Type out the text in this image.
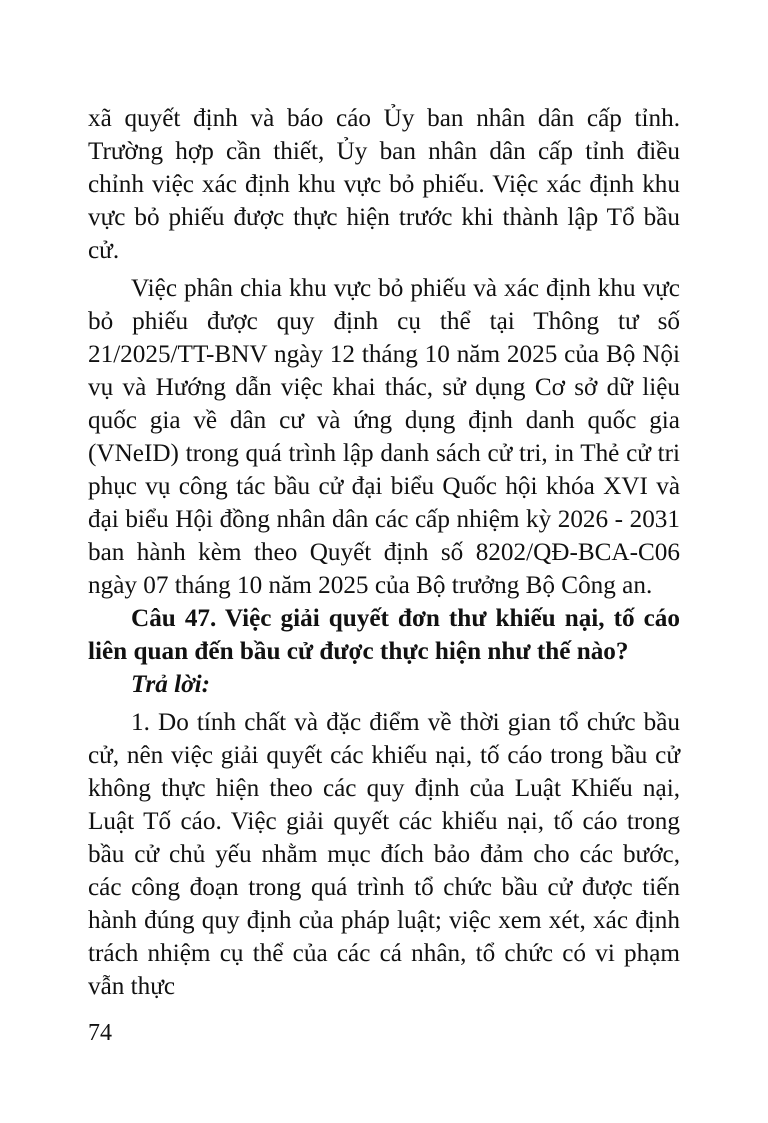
xã quyết định và báo cáo Ủy ban nhân dân cấp tỉnh. Trường hợp cần thiết, Ủy ban nhân dân cấp tỉnh điều chỉnh việc xác định khu vực bỏ phiếu. Việc xác định khu vực bỏ phiếu được thực hiện trước khi thành lập Tổ bầu cử.

Việc phân chia khu vực bỏ phiếu và xác định khu vực bỏ phiếu được quy định cụ thể tại Thông tư số 21/2025/TT-BNV ngày 12 tháng 10 năm 2025 của Bộ Nội vụ và Hướng dẫn việc khai thác, sử dụng Cơ sở dữ liệu quốc gia về dân cư và ứng dụng định danh quốc gia (VNeID) trong quá trình lập danh sách cử tri, in Thẻ cử tri phục vụ công tác bầu cử đại biểu Quốc hội khóa XVI và đại biểu Hội đồng nhân dân các cấp nhiệm kỳ 2026 - 2031 ban hành kèm theo Quyết định số 8202/QĐ-BCA-C06 ngày 07 tháng 10 năm 2025 của Bộ trưởng Bộ Công an.

Câu 47. Việc giải quyết đơn thư khiếu nại, tố cáo liên quan đến bầu cử được thực hiện như thế nào?

Trả lời:

1. Do tính chất và đặc điểm về thời gian tổ chức bầu cử, nên việc giải quyết các khiếu nại, tố cáo trong bầu cử không thực hiện theo các quy định của Luật Khiếu nại, Luật Tố cáo. Việc giải quyết các khiếu nại, tố cáo trong bầu cử chủ yếu nhằm mục đích bảo đảm cho các bước, các công đoạn trong quá trình tổ chức bầu cử được tiến hành đúng quy định của pháp luật; việc xem xét, xác định trách nhiệm cụ thể của các cá nhân, tổ chức có vi phạm vẫn thực

74
